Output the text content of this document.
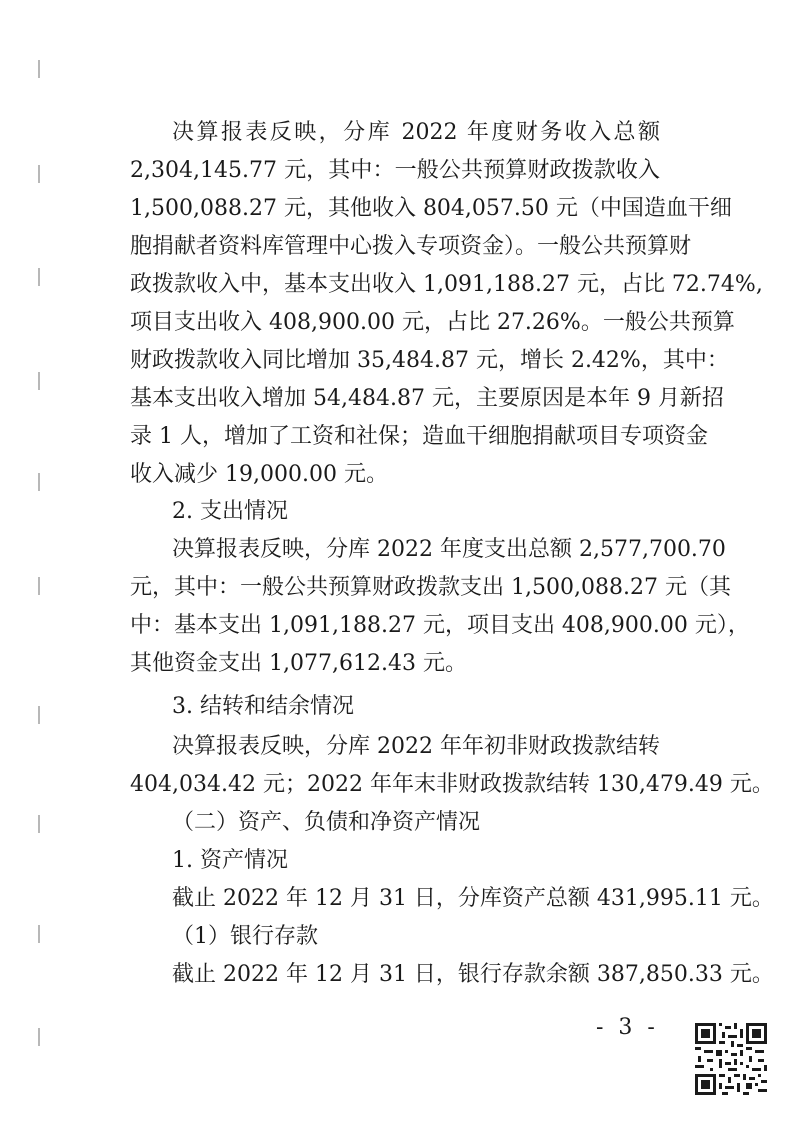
决算报表反映，分库 2022 年度财务收入总额
2,304,145.77 元，其中：一般公共预算财政拨款收入
1,500,088.27 元，其他收入 804,057.50 元（中国造血干细
胞捐献者资料库管理中心拨入专项资金）。一般公共预算财
政拨款收入中，基本支出收入 1,091,188.27 元，占比 72.74%,
项目支出收入 408,900.00 元，占比 27.26%。一般公共预算
财政拨款收入同比增加 35,484.87 元，增长 2.42%，其中：
基本支出收入增加 54,484.87 元，主要原因是本年 9 月新招
录 1 人，增加了工资和社保；造血干细胞捐献项目专项资金
收入减少 19,000.00 元。
2. 支出情况
决算报表反映，分库 2022 年度支出总额 2,577,700.70
元，其中：一般公共预算财政拨款支出 1,500,088.27 元（其
中：基本支出 1,091,188.27 元，项目支出 408,900.00 元），
其他资金支出 1,077,612.43 元。
3. 结转和结余情况
决算报表反映，分库 2022 年年初非财政拨款结转
404,034.42 元；2022 年年末非财政拨款结转 130,479.49 元。
（二）资产、负债和净资产情况
1. 资产情况
截止 2022 年 12 月 31 日，分库资产总额 431,995.11 元。
（1）银行存款
截止 2022 年 12 月 31 日，银行存款余额 387,850.33 元。
- 3 -
